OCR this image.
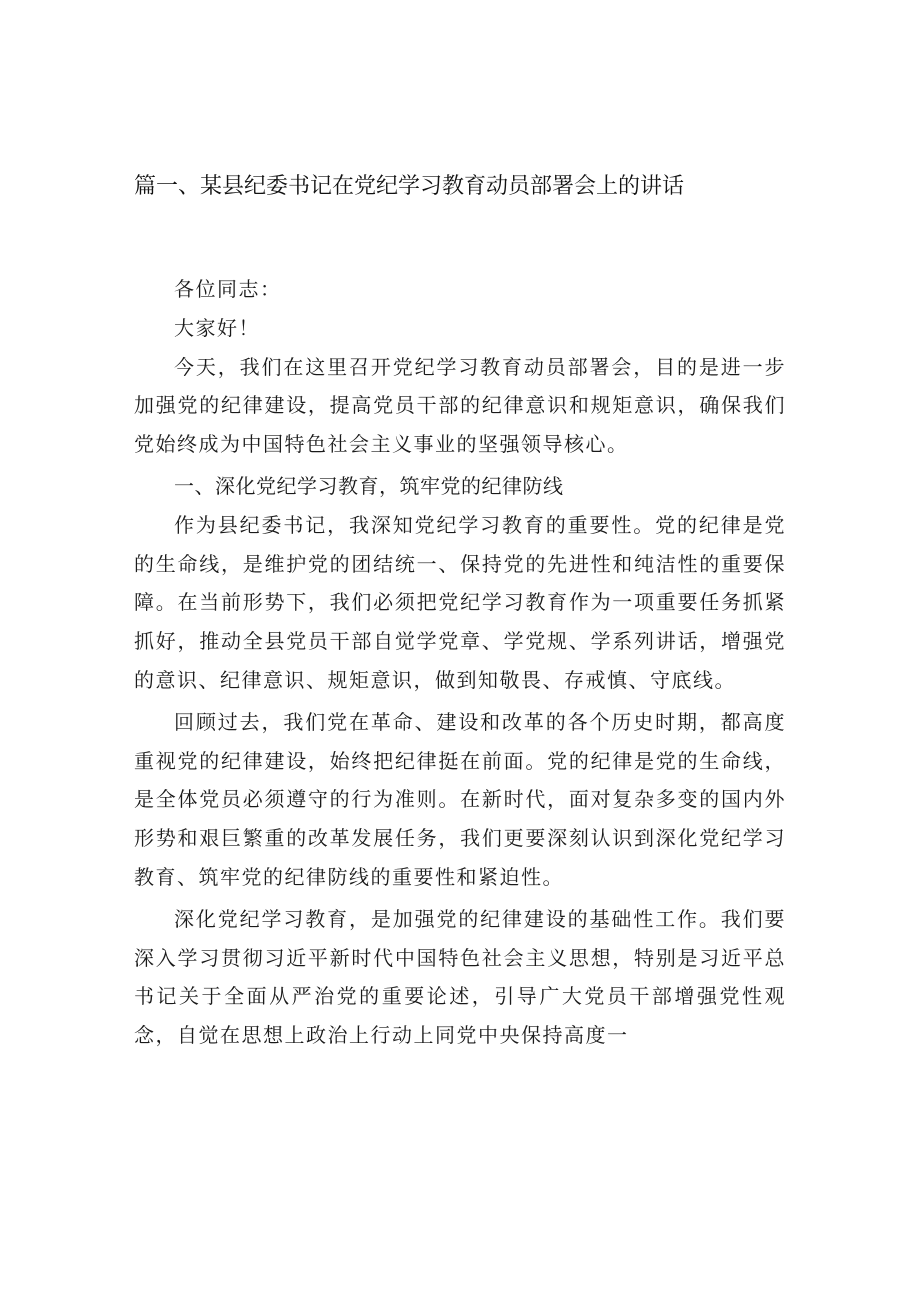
篇一、某县纪委书记在党纪学习教育动员部署会上的讲话

各位同志：

大家好！

今天，我们在这里召开党纪学习教育动员部署会，目的是进一步加强党的纪律建设，提高党员干部的纪律意识和规矩意识，确保我们党始终成为中国特色社会主义事业的坚强领导核心。

一、深化党纪学习教育，筑牢党的纪律防线

作为县纪委书记，我深知党纪学习教育的重要性。党的纪律是党的生命线，是维护党的团结统一、保持党的先进性和纯洁性的重要保障。在当前形势下，我们必须把党纪学习教育作为一项重要任务抓紧抓好，推动全县党员干部自觉学党章、学党规、学系列讲话，增强党的意识、纪律意识、规矩意识，做到知敬畏、存戒慎、守底线。

回顾过去，我们党在革命、建设和改革的各个历史时期，都高度重视党的纪律建设，始终把纪律挺在前面。党的纪律是党的生命线，是全体党员必须遵守的行为准则。在新时代，面对复杂多变的国内外形势和艰巨繁重的改革发展任务，我们更要深刻认识到深化党纪学习教育、筑牢党的纪律防线的重要性和紧迫性。

深化党纪学习教育，是加强党的纪律建设的基础性工作。我们要深入学习贯彻习近平新时代中国特色社会主义思想，特别是习近平总书记关于全面从严治党的重要论述，引导广大党员干部增强党性观念，自觉在思想上政治上行动上同党中央保持高度一
